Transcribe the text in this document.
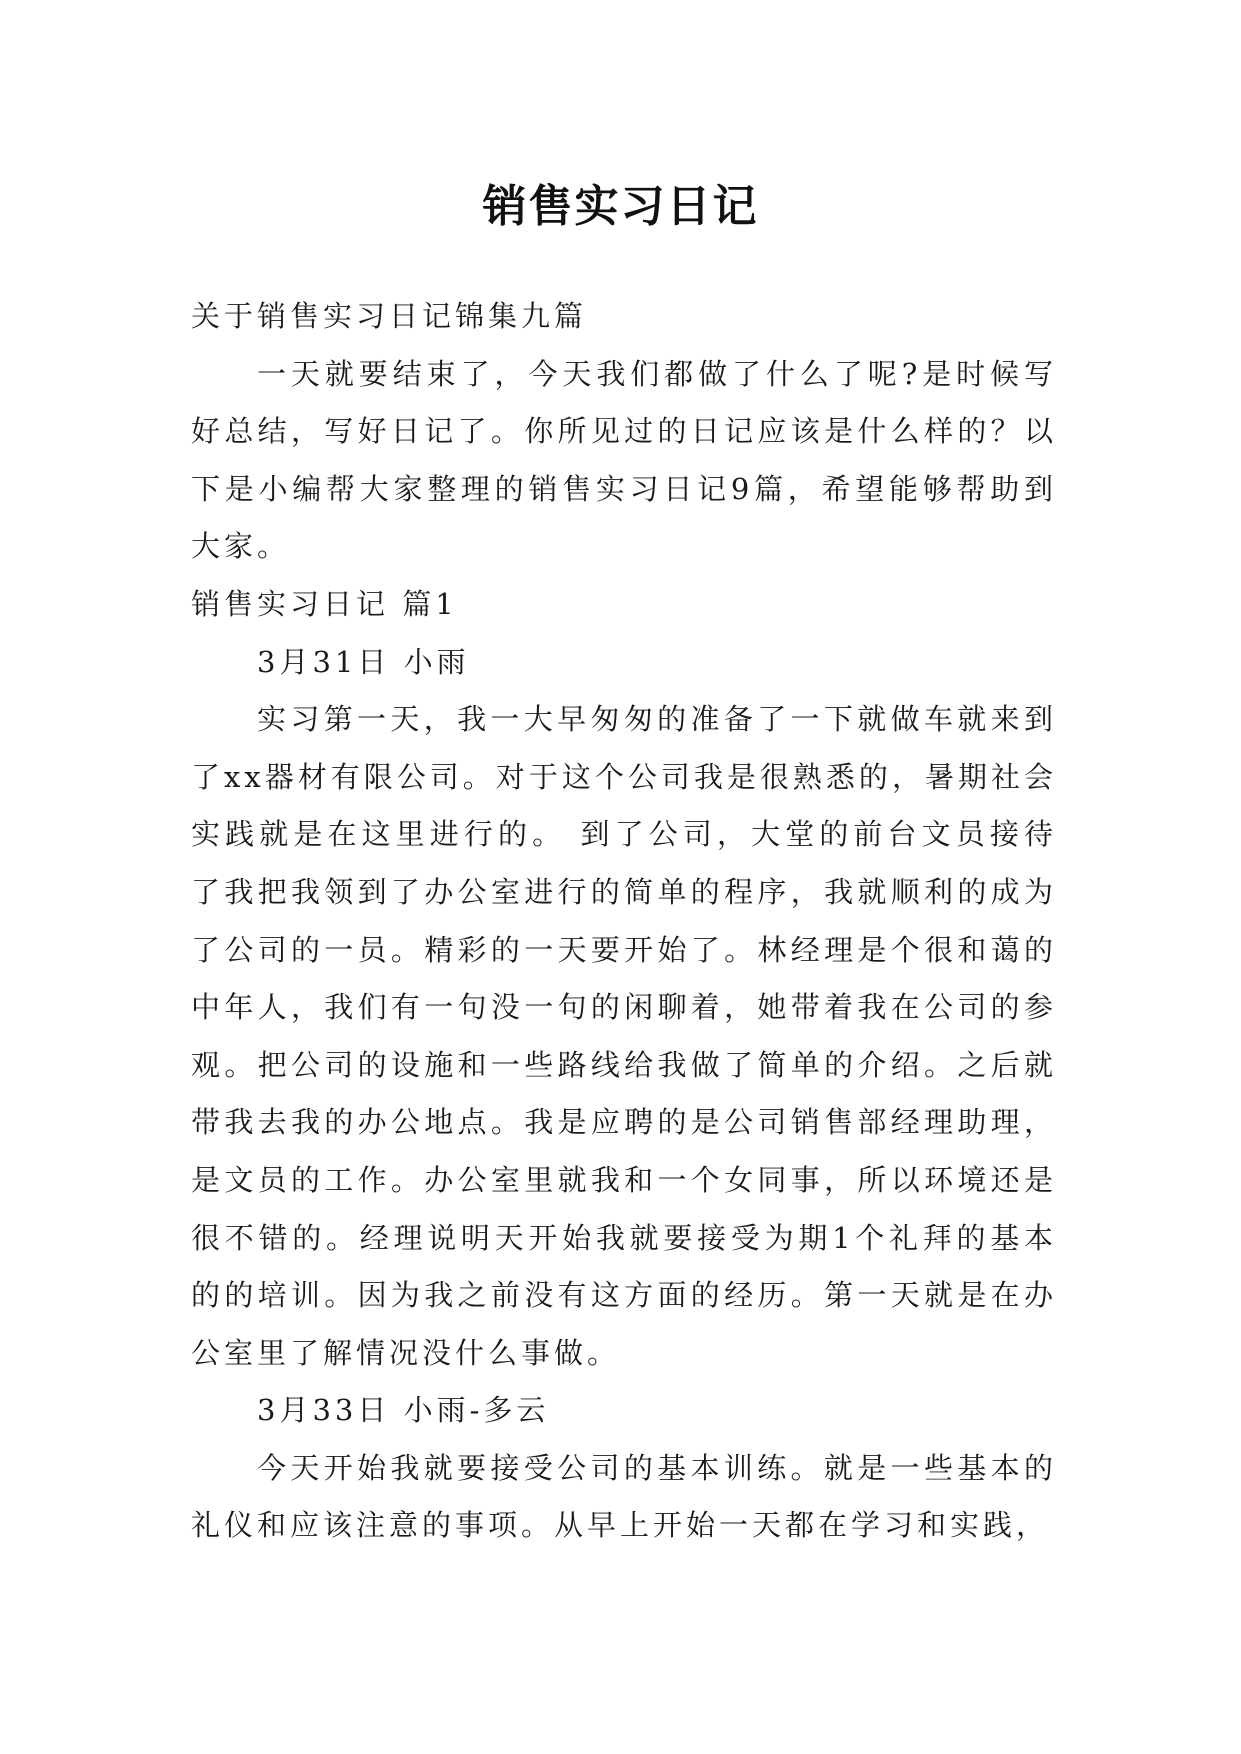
销售实习日记

关于销售实习日记锦集九篇

一天就要结束了，今天我们都做了什么了呢?是时候写好总结，写好日记了。你所见过的日记应该是什么样的？以下是小编帮大家整理的销售实习日记9篇，希望能够帮助到大家。

销售实习日记 篇1

3月31日 小雨

实习第一天，我一大早匆匆的准备了一下就做车就来到了xx器材有限公司。对于这个公司我是很熟悉的，暑期社会实践就是在这里进行的。 到了公司，大堂的前台文员接待了我把我领到了办公室进行的简单的程序，我就顺利的成为了公司的一员。精彩的一天要开始了。林经理是个很和蔼的中年人，我们有一句没一句的闲聊着，她带着我在公司的参观。把公司的设施和一些路线给我做了简单的介绍。之后就带我去我的办公地点。我是应聘的是公司销售部经理助理，是文员的工作。办公室里就我和一个女同事，所以环境还是很不错的。经理说明天开始我就要接受为期1个礼拜的基本的的培训。因为我之前没有这方面的经历。第一天就是在办公室里了解情况没什么事做。

3月33日 小雨-多云

今天开始我就要接受公司的基本训练。就是一些基本的礼仪和应该注意的事项。从早上开始一天都在学习和实践，
